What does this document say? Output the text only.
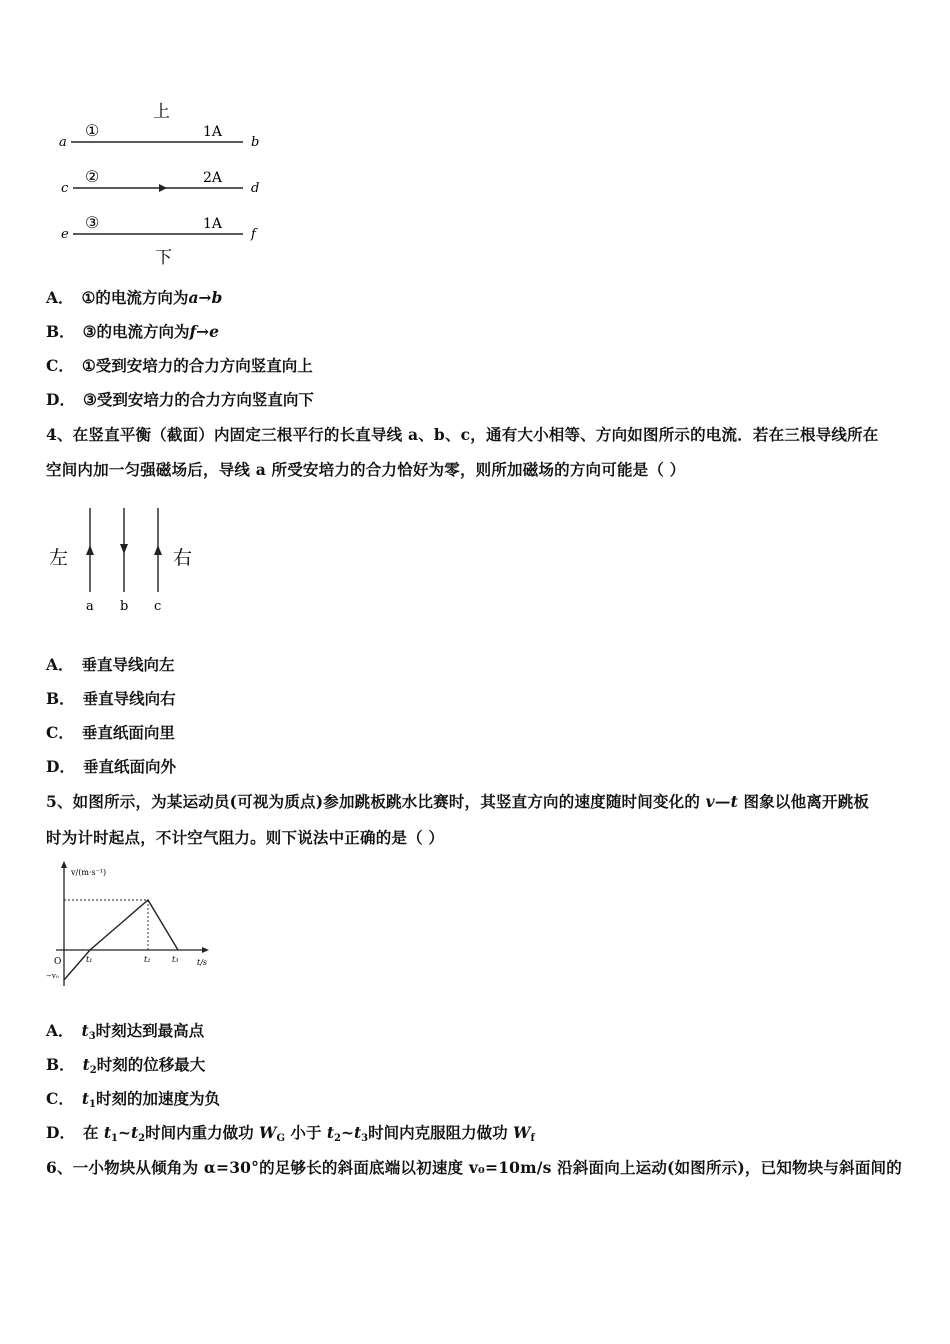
上
a
①	1A
b
c
②	2A
d
e
③	1A
f
下
A． ①的电流方向为a→b
B． ③的电流方向为f→e
C． ①受到安培力的合力方向竖直向上
D． ③受到安培力的合力方向竖直向下
4、在竖直平衡（截面）内固定三根平行的长直导线 a、b、c，通有大小相等、方向如图所示的电流．若在三根导线所在
空间内加一匀强磁场后，导线 a 所受安培力的合力恰好为零，则所加磁场的方向可能是（ ）
左	右
a b c
A． 垂直导线向左
B． 垂直导线向右
C． 垂直纸面向里
D． 垂直纸面向外
5、如图所示，为某运动员(可视为质点)参加跳板跳水比赛时，其竖直方向的速度随时间变化的 v—t 图象以他离开跳板
时为计时起点，不计空气阻力。则下说法中正确的是（ ）
v/(m·s⁻¹)
t/s
O
−v₀
t₁	t₂	t₃
A． $t_3$时刻达到最高点
B． $t_2$时刻的位移最大
C． $t_1$时刻的加速度为负
D． 在 $t_1\sim t_2$时间内重力做功 $W_G$ 小于 $t_2\sim t_3$时间内克服阻力做功 $W_f$
6、一小物块从倾角为 α=30°的足够长的斜面底端以初速度 v₀=10m/s 沿斜面向上运动(如图所示)，已知物块与斜面间的
